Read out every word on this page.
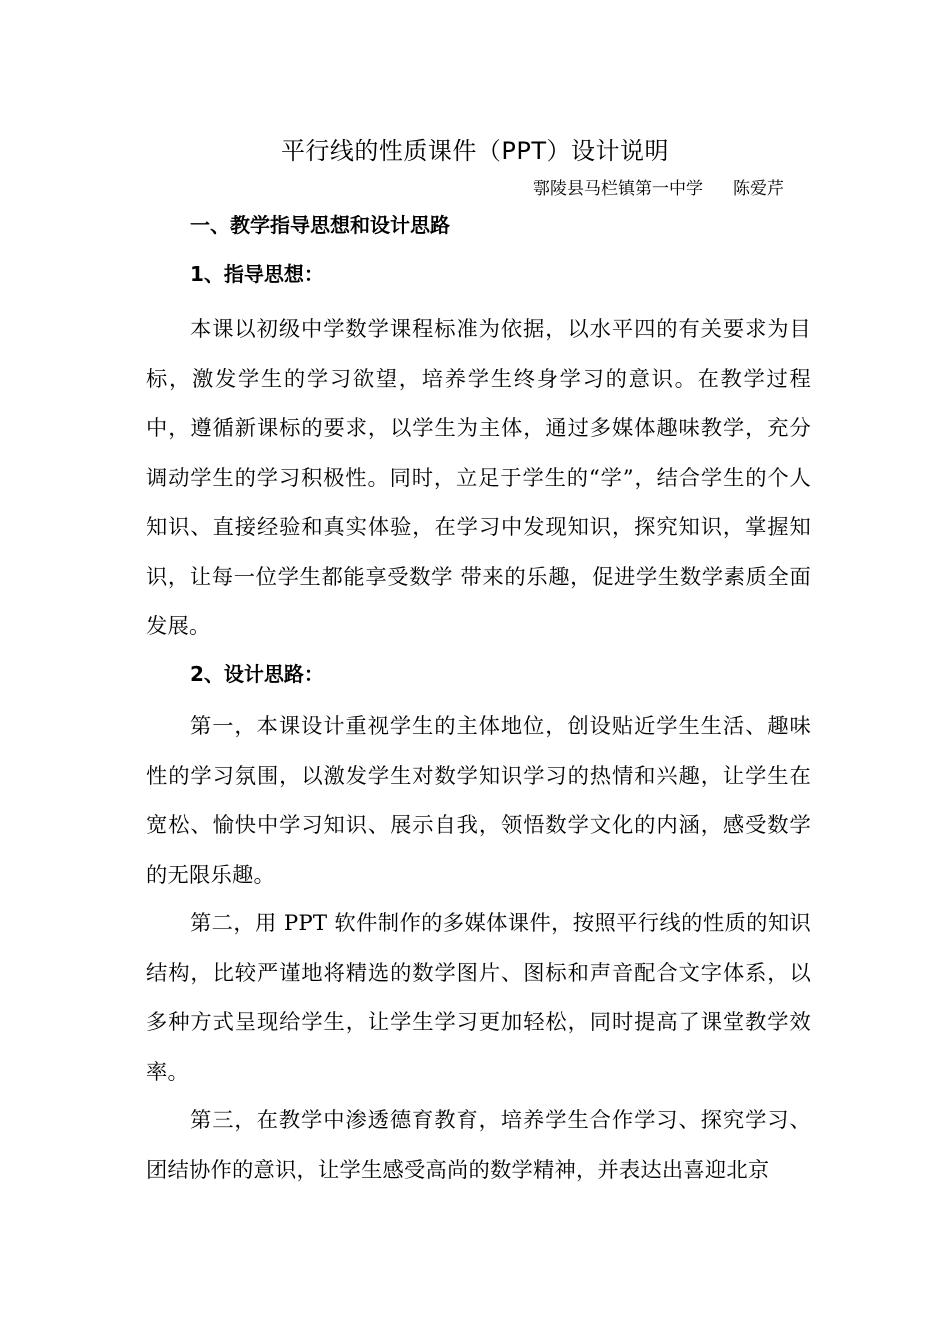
平行线的性质课件（PPT）设计说明
鄠陵县马栏镇第一中学 陈爱芹
一、教学指导思想和设计思路
1、指导思想：
本课以初级中学数学课程标准为依据，以水平四的有关要求为目标，激发学生的学习欲望，培养学生终身学习的意识。在教学过程中，遵循新课标的要求，以学生为主体，通过多媒体趣味教学，充分调动学生的学习积极性。同时，立足于学生的“学”，结合学生的个人知识、直接经验和真实体验，在学习中发现知识，探究知识，掌握知识，让每一位学生都能享受数学 带来的乐趣，促进学生数学素质全面发展。
2、设计思路：
第一，本课设计重视学生的主体地位，创设贴近学生生活、趣味性的学习氛围，以激发学生对数学知识学习的热情和兴趣，让学生在宽松、愉快中学习知识、展示自我，领悟数学文化的内涵，感受数学的无限乐趣。
第二，用 PPT 软件制作的多媒体课件，按照平行线的性质的知识结构，比较严谨地将精选的数学图片、图标和声音配合文字体系，以多种方式呈现给学生，让学生学习更加轻松，同时提高了课堂教学效率。
第三，在教学中渗透德育教育，培养学生合作学习、探究学习、团结协作的意识，让学生感受高尚的数学精神，并表达出喜迎北京
